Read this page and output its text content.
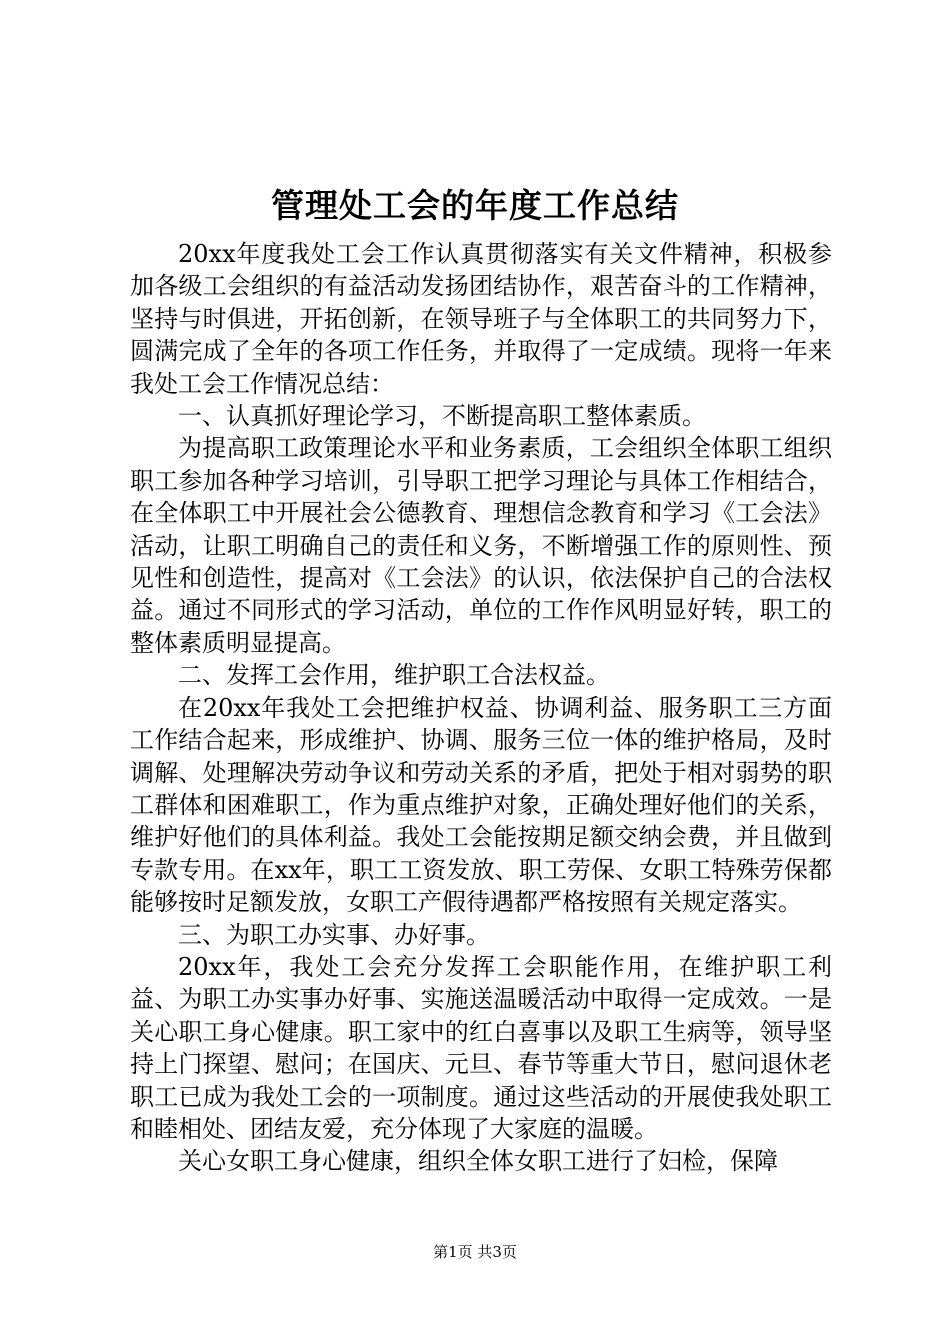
管理处工会的年度工作总结

20xx年度我处工会工作认真贯彻落实有关文件精神，积极参加各级工会组织的有益活动发扬团结协作，艰苦奋斗的工作精神，坚持与时俱进，开拓创新，在领导班子与全体职工的共同努力下，圆满完成了全年的各项工作任务，并取得了一定成绩。现将一年来我处工会工作情况总结：

一、认真抓好理论学习，不断提高职工整体素质。

为提高职工政策理论水平和业务素质，工会组织全体职工组织职工参加各种学习培训，引导职工把学习理论与具体工作相结合，在全体职工中开展社会公德教育、理想信念教育和学习《工会法》活动，让职工明确自己的责任和义务，不断增强工作的原则性、预见性和创造性，提高对《工会法》的认识，依法保护自己的合法权益。通过不同形式的学习活动，单位的工作作风明显好转，职工的整体素质明显提高。

二、发挥工会作用，维护职工合法权益。

在20xx年我处工会把维护权益、协调利益、服务职工三方面工作结合起来，形成维护、协调、服务三位一体的维护格局，及时调解、处理解决劳动争议和劳动关系的矛盾，把处于相对弱势的职工群体和困难职工，作为重点维护对象，正确处理好他们的关系，维护好他们的具体利益。我处工会能按期足额交纳会费，并且做到专款专用。在xx年，职工工资发放、职工劳保、女职工特殊劳保都能够按时足额发放，女职工产假待遇都严格按照有关规定落实。

三、为职工办实事、办好事。

20xx年，我处工会充分发挥工会职能作用，在维护职工利益、为职工办实事办好事、实施送温暖活动中取得一定成效。一是关心职工身心健康。职工家中的红白喜事以及职工生病等，领导坚持上门探望、慰问；在国庆、元旦、春节等重大节日，慰问退休老职工已成为我处工会的一项制度。通过这些活动的开展使我处职工和睦相处、团结友爱，充分体现了大家庭的温暖。

关心女职工身心健康，组织全体女职工进行了妇检，保障

第1页 共3页
